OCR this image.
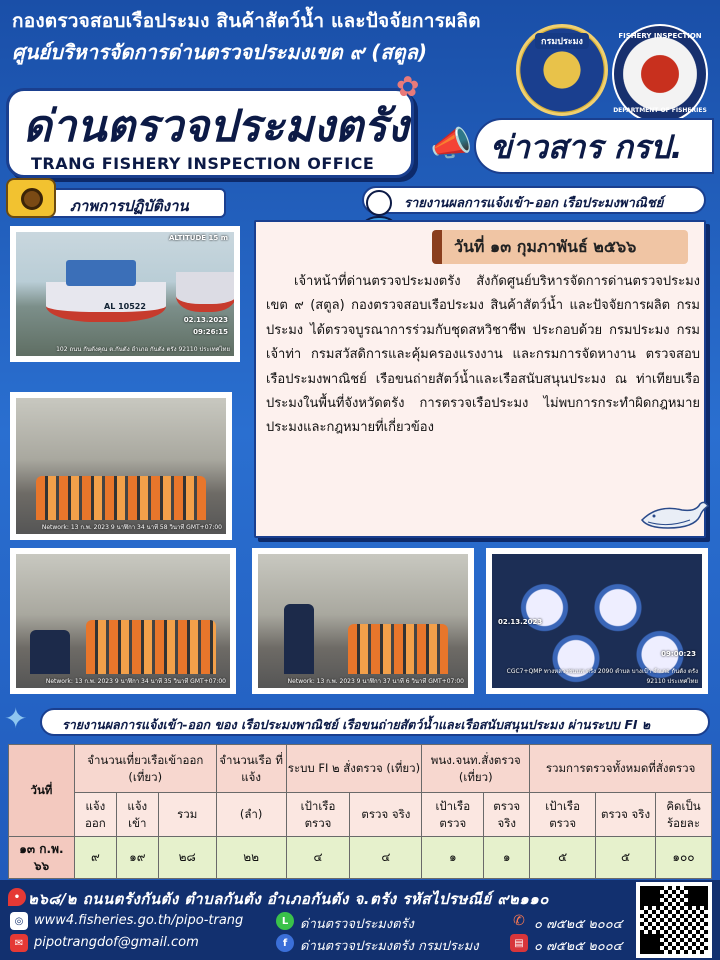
กองตรวจสอบเรือประมง สินค้าสัตว์น้ำ และปัจจัยการผลิต
ศูนย์บริหารจัดการด่านตรวจประมงเขต ๙ (สตูล)	กรมประมง
FISHERY INSPECTION
DEPARTMENT OF FISHERIES
ด่านตรวจประมงตรัง
TRANG FISHERY INSPECTION OFFICE
✿
📣 ข่าวสาร กรป.
ภาพการปฏิบัติงาน	รายงานผลการแจ้งเข้า-ออก เรือประมงพาณิชย์
ALTITUDE 15 m
AL 10522
02.13.2023
09:26:15
102 ถนน กันตังคุณ ต.กันตัง อำเภอ กันตัง ตรัง 92110 ประเทศไทย
Network: 13 ก.พ. 2023 9 นาฬิกา 34 นาที 58 วินาที GMT+07:00
Network: 13 ก.พ. 2023 9 นาฬิกา 34 นาที 35 วินาที GMT+07:00	Network: 13 ก.พ. 2023 9 นาฬิกา 37 นาที 6 วินาที GMT+07:00
02.13.2023
09:00:23
CGC7+QMP ทางหลวงชนบท ตรัง 2090 ตำบล บางเป้า อำเภอ กันตัง ตรัง 92110 ประเทศไทย
วันที่ ๑๓ กุมภาพันธ์ ๒๕๖๖
เจ้าหน้าที่ด่านตรวจประมงตรัง สังกัดศูนย์บริหารจัดการด่านตรวจประมง เขต ๙ (สตูล) กองตรวจสอบเรือประมง สินค้าสัตว์น้ำ และปัจจัยการผลิต กรมประมง ได้ตรวจบูรณาการร่วมกับชุดสหวิชาชีพ ประกอบด้วย กรมประมง กรมเจ้าท่า กรมสวัสดิการและคุ้มครองแรงงาน และกรมการจัดหางาน ตรวจสอบเรือประมงพาณิชย์ เรือขนถ่ายสัตว์น้ำและเรือสนับสนุนประมง ณ ท่าเทียบเรือประมงในพื้นที่จังหวัดตรัง การตรวจเรือประมง ไม่พบการกระทำผิดกฎหมายประมงและกฎหมายที่เกี่ยวข้อง
✦	รายงานผลการแจ้งเข้า-ออก ของ เรือประมงพาณิชย์ เรือขนถ่ายสัตว์น้ำและเรือสนับสนุนประมง ผ่านระบบ FI ๒
วันที่	จำนวนเที่ยวเรือเข้าออก (เที่ยว)			จำนวนเรือ ที่แจ้ง	ระบบ FI ๒ สั่งตรวจ (เที่ยว)		พนง.จนท.สั่งตรวจ (เที่ยว)		รวมการตรวจทั้งหมดที่สั่งตรวจ		
	แจ้ง ออก	แจ้ง เข้า	รวม	(ลำ)	เป้าเรือ ตรวจ	ตรวจ จริง	เป้าเรือ ตรวจ	ตรวจ จริง	เป้าเรือ ตรวจ	ตรวจ จริง	คิดเป็น ร้อยละ
๑๓ ก.พ. ๖๖	๙	๑๙	๒๘	๒๒	๔	๔	๑	๑	๕	๕	๑๐๐
• ๒๖๘/๒ ถนนตรังกันตัง ตำบลกันตัง อำเภอกันตัง จ.ตรัง รหัสไปรษณีย์ ๙๒๑๑๐
◎ www4.fisheries.go.th/pipo-trang	L ด่านตรวจประมงตรัง	✆ ๐ ๗๕๒๕ ๒๐๐๔
✉ pipotrangdof@gmail.com	f ด่านตรวจประมงตรัง กรมประมง	▤ ๐ ๗๕๒๕ ๒๐๐๔
